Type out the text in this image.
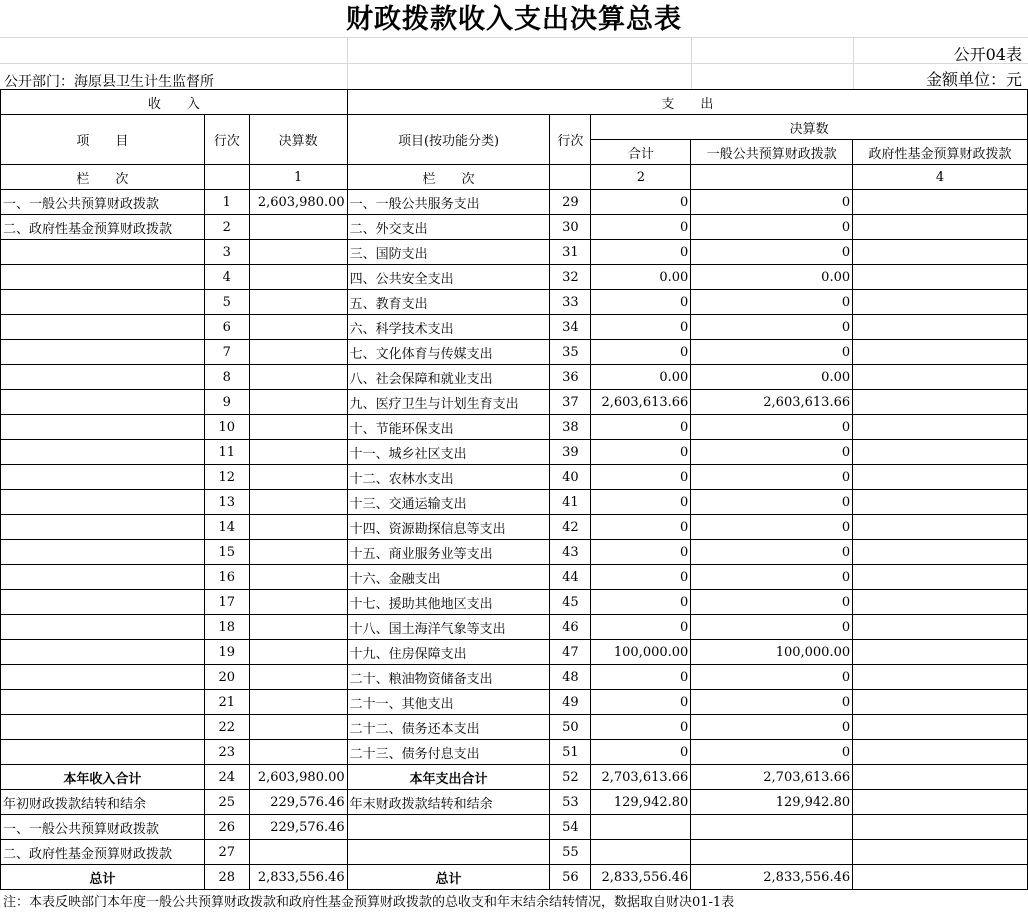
财政拨款收入支出决算总表
公开04表
公开部门：海原县卫生计生监督所	金额单位：元
收　　入			支　　出				
项　　目	行次	决算数	项目(按功能分类)	行次	决算数		
					合计	一般公共预算财政拨款	政府性基金预算财政拨款
栏　　次		1	栏　　次		2		4
一、一般公共预算财政拨款	1	2,603,980.00	一、一般公共服务支出	29	0	0	
二、政府性基金预算财政拨款	2		二、外交支出	30	0	0	
	3		三、国防支出	31	0	0	
	4		四、公共安全支出	32	0.00	0.00	
	5		五、教育支出	33	0	0	
	6		六、科学技术支出	34	0	0	
	7		七、文化体育与传媒支出	35	0	0	
	8		八、社会保障和就业支出	36	0.00	0.00	
	9		九、医疗卫生与计划生育支出	37	2,603,613.66	2,603,613.66	
	10		十、节能环保支出	38	0	0	
	11		十一、城乡社区支出	39	0	0	
	12		十二、农林水支出	40	0	0	
	13		十三、交通运输支出	41	0	0	
	14		十四、资源勘探信息等支出	42	0	0	
	15		十五、商业服务业等支出	43	0	0	
	16		十六、金融支出	44	0	0	
	17		十七、援助其他地区支出	45	0	0	
	18		十八、国土海洋气象等支出	46	0	0	
	19		十九、住房保障支出	47	100,000.00	100,000.00	
	20		二十、粮油物资储备支出	48	0	0	
	21		二十一、其他支出	49	0	0	
	22		二十二、债务还本支出	50	0	0	
	23		二十三、债务付息支出	51	0	0	
本年收入合计	24	2,603,980.00	本年支出合计	52	2,703,613.66	2,703,613.66	
年初财政拨款结转和结余	25	229,576.46	年末财政拨款结转和结余	53	129,942.80	129,942.80	
一、一般公共预算财政拨款	26	229,576.46		54			
二、政府性基金预算财政拨款	27			55			
总计	28	2,833,556.46	总计	56	2,833,556.46	2,833,556.46	
注：本表反映部门本年度一般公共预算财政拨款和政府性基金预算财政拨款的总收支和年末结余结转情况，数据取自财决01-1表
